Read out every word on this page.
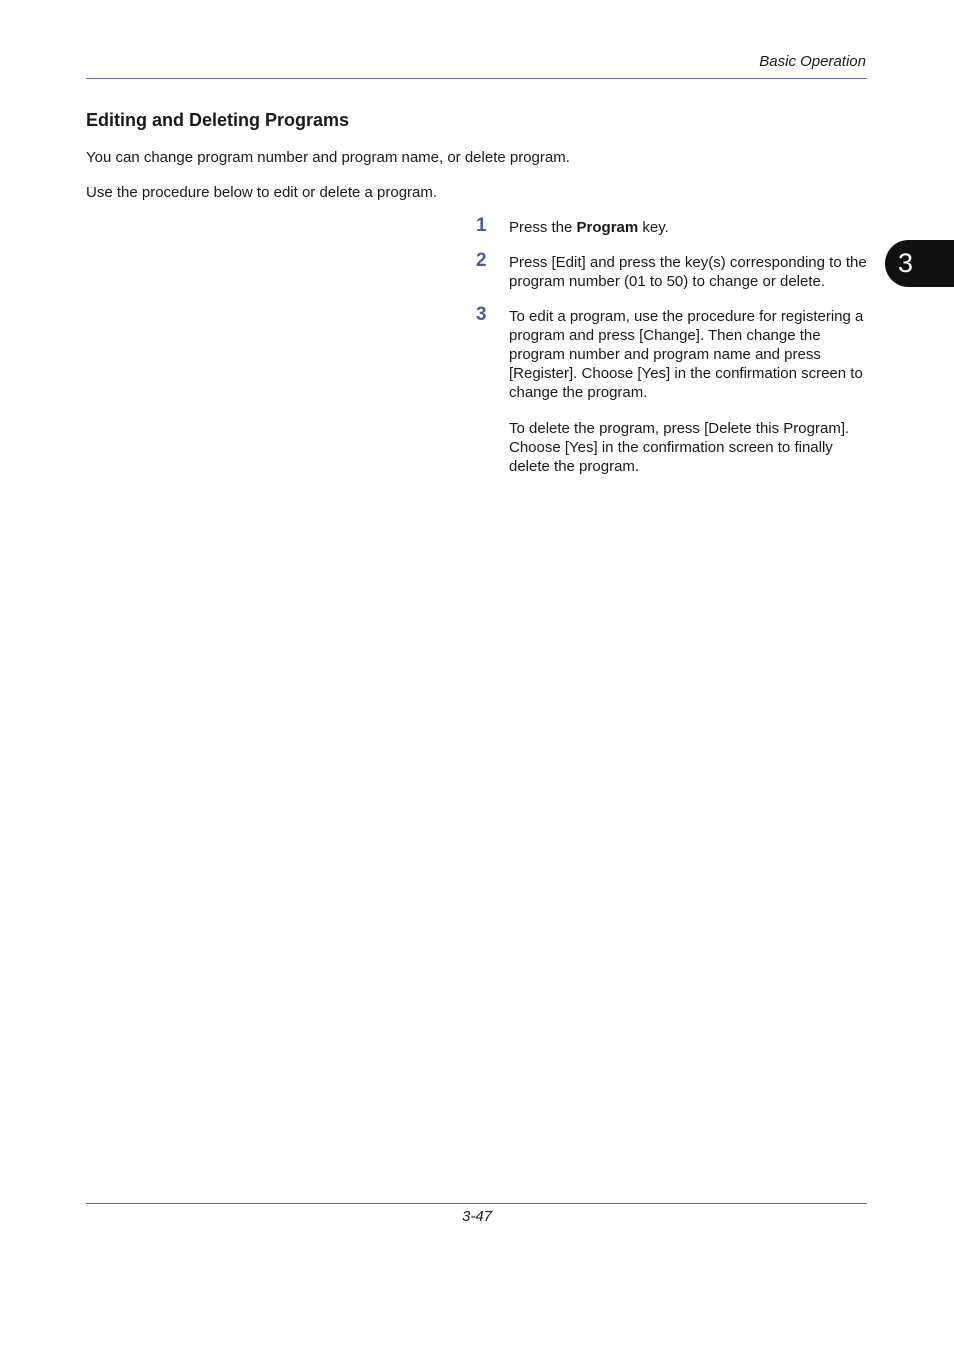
Basic Operation
3
Editing and Deleting Programs

You can change program number and program name, or delete program.

Use the procedure below to edit or delete a program.

1 Press the Program key.

2 Press [Edit] and press the key(s) corresponding to the program number (01 to 50) to change or delete.

3 To edit a program, use the procedure for registering a program and press [Change]. Then change the program number and program name and press [Register]. Choose [Yes] in the confirmation screen to change the program.

To delete the program, press [Delete this Program]. Choose [Yes] in the confirmation screen to finally delete the program.

3-47
